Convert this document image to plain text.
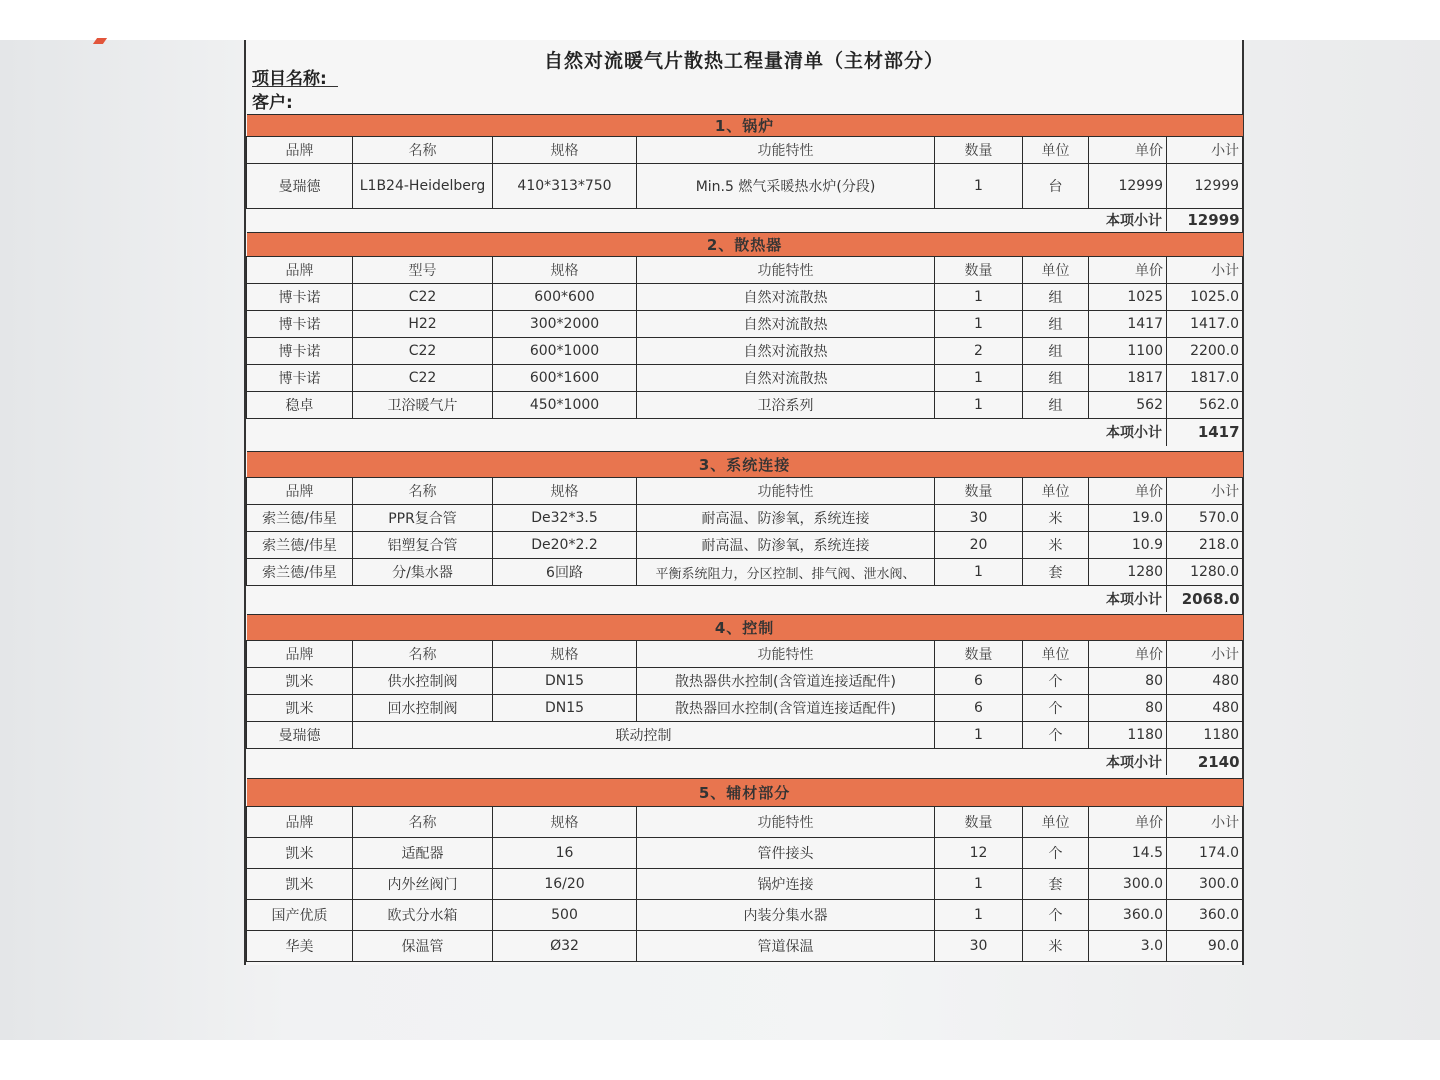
自然对流暖气片散热工程量清单（主材部分）
项目名称:
客户:
1、锅炉							
品牌	名称	规格	功能特性	数量	单位	单价	小计
曼瑞德	L1B24-Heidelberg	410*313*750	Min.5 燃气采暖热水炉(分段)	1	台	12999	12999
本项小计							12999
2、散热器							
品牌	型号	规格	功能特性	数量	单位	单价	小计
博卡诺	C22	600*600	自然对流散热	1	组	1025	1025.0
博卡诺	H22	300*2000	自然对流散热	1	组	1417	1417.0
博卡诺	C22	600*1000	自然对流散热	2	组	1100	2200.0
博卡诺	C22	600*1600	自然对流散热	1	组	1817	1817.0
稳卓	卫浴暖气片	450*1000	卫浴系列	1	组	562	562.0
本项小计							1417
3、系统连接							
品牌	名称	规格	功能特性	数量	单位	单价	小计
索兰德/伟星	PPR复合管	De32*3.5	耐高温、防渗氧，系统连接	30	米	19.0	570.0
索兰德/伟星	铝塑复合管	De20*2.2	耐高温、防渗氧，系统连接	20	米	10.9	218.0
索兰德/伟星	分/集水器	6回路	平衡系统阻力，分区控制、排气阀、泄水阀、	1	套	1280	1280.0
本项小计							2068.0
4、控制							
品牌	名称	规格	功能特性	数量	单位	单价	小计
凯米	供水控制阀	DN15	散热器供水控制(含管道连接适配件)	6	个	80	480
凯米	回水控制阀	DN15	散热器回水控制(含管道连接适配件)	6	个	80	480
曼瑞德	联动控制			1	个	1180	1180
本项小计							2140
5、辅材部分							
品牌	名称	规格	功能特性	数量	单位	单价	小计
凯米	适配器	16	管件接头	12	个	14.5	174.0
凯米	内外丝阀门	16/20	锅炉连接	1	套	300.0	300.0
国产优质	欧式分水箱	500	内装分集水器	1	个	360.0	360.0
华美	保温管	Ø32	管道保温	30	米	3.0	90.0
